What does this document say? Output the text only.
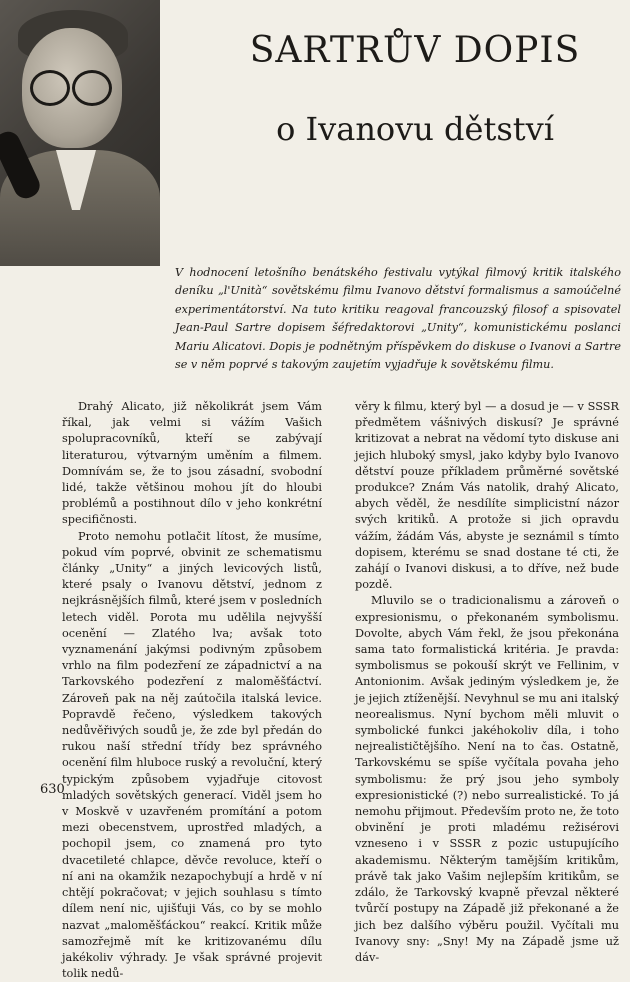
SARTRŮV DOPIS
o Ivanovu dětství

V hodnocení letošního benátského festivalu vytýkal filmový kritik italského deníku „l'Unità“ sovětskému filmu Ivanovo dětství formalismus a samoúčelné experimentátorství. Na tuto kritiku reagoval francouzský filosof a spisovatel Jean-Paul Sartre dopisem šéfredaktorovi „Unity“, komunistickému poslanci Mariu Alicatovi. Dopis je podnětným příspěvkem do diskuse o Ivanovi a Sartre se v něm poprvé s takovým zaujetím vyjadřuje k sovětskému filmu.

Drahý Alicato, již několikrát jsem Vám říkal, jak velmi si vážím Vašich spolupracovníků, kteří se zabývají literaturou, výtvarným uměním a filmem. Domnívám se, že to jsou zásadní, svobodní lidé, takže většinou mohou jít do hloubi problémů a postihnout dílo v jeho konkrétní specifičnosti.

Proto nemohu potlačit lítost, že musíme, pokud vím poprvé, obvinit ze schematismu články „Unity“ a jiných levicových listů, které psaly o Ivanovu dětství, jednom z nejkrásnějších filmů, které jsem v posledních letech viděl. Porota mu udělila nejvyšší ocenění — Zlatého lva; avšak toto vyznamenání jakýmsi podivným způsobem vrhlo na film podezření ze západnictví a na Tarkovského podezření z maloměšťáctví. Zároveň pak na něj zaútočila italská levice. Popravdě řečeno, výsledkem takových nedůvěřivých soudů je, že zde byl předán do rukou naší střední třídy bez správného ocenění film hluboce ruský a revoluční, který typickým způsobem vyjadřuje citovost mladých sovětských generací. Viděl jsem ho v Moskvě v uzavřeném promítání a potom mezi obecenstvem, uprostřed mladých, a pochopil jsem, co znamená pro tyto dvacetileté chlapce, děvče revoluce, kteří o ní ani na okamžik nezapochybují a hrdě v ní chtějí pokračovat; v jejich souhlasu s tímto dílem není nic, ujišťuji Vás, co by se mohlo nazvat „maloměšťáckou“ reakcí. Kritik může samozřejmě mít ke kritizovanému dílu jakékoliv výhrady. Je však správné projevit tolik nedů-

věry k filmu, který byl — a dosud je — v SSSR předmětem vášnivých diskusí? Je správné kritizovat a nebrat na vědomí tyto diskuse ani jejich hluboký smysl, jako kdyby bylo Ivanovo dětství pouze příkladem průměrné sovětské produkce? Znám Vás natolik, drahý Alicato, abych věděl, že nesdílíte simplicistní názor svých kritiků. A protože si jich opravdu vážím, žádám Vás, abyste je seznámil s tímto dopisem, kterému se snad dostane té cti, že zahájí o Ivanovi diskusi, a to dříve, než bude pozdě.

Mluvilo se o tradicionalismu a zároveň o expresionismu, o překonaném symbolismu. Dovolte, abych Vám řekl, že jsou překonána sama tato formalistická kritéria. Je pravda: symbolismus se pokouší skrýt ve Fellinim, v Antonionim. Avšak jediným výsledkem je, že je jejich ztíženější. Nevyhnul se mu ani italský neorealismus. Nyní bychom měli mluvit o symbolické funkci jakéhokoliv díla, i toho nejrealističtějšího. Není na to čas. Ostatně, Tarkovskému se spíše vyčítala povaha jeho symbolismu: že prý jsou jeho symboly expresionistické (?) nebo surrealistické. To já nemohu přijmout. Především proto ne, že toto obvinění je proti mladému režisérovi vzneseno i v SSSR z pozic ustupujícího akademismu. Některým tamějším kritikům, právě tak jako Vašim nejlepším kritikům, se zdálo, že Tarkovský kvapně převzal některé tvůrčí postupy na Západě již překonané a že jich bez dalšího výběru použil. Vyčítali mu Ivanovy sny: „Sny! My na Západě jsme už dáv-

630
